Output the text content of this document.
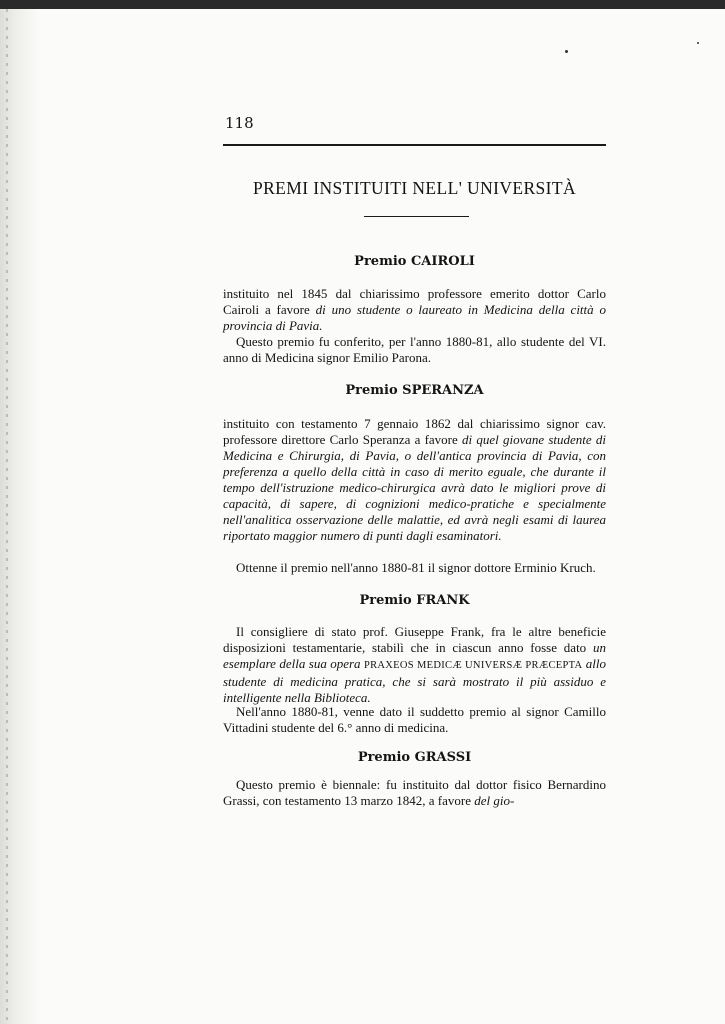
118
PREMI INSTITUITI NELL' UNIVERSITÀ
Premio CAIROLI

instituito nel 1845 dal chiarissimo professore emerito dottor Carlo Cairoli a favore di uno studente o laureato in Medicina della città o provincia di Pavia.

Questo premio fu conferito, per l'anno 1880-81, allo studente del VI. anno di Medicina signor Emilio Parona.

Premio SPERANZA

instituito con testamento 7 gennaio 1862 dal chiarissimo signor cav. professore direttore Carlo Speranza a favore di quel giovane studente di Medicina e Chirurgia, di Pavia, o dell'antica provincia di Pavia, con preferenza a quello della città in caso di merito eguale, che durante il tempo dell'istruzione medico-chirurgica avrà dato le migliori prove di capacità, di sapere, di cognizioni medico-pratiche e specialmente nell'analitica osservazione delle malattie, ed avrà negli esami di laurea riportato maggior numero di punti dagli esaminatori.

Ottenne il premio nell'anno 1880-81 il signor dottore Erminio Kruch.

Premio FRANK

Il consigliere di stato prof. Giuseppe Frank, fra le altre beneficie disposizioni testamentarie, stabilì che in ciascun anno fosse dato un esemplare della sua opera PRAXEOS MEDICÆ UNIVERSÆ PRÆCEPTA allo studente di medicina pratica, che si sarà mostrato il più assiduo e intelligente nella Biblioteca.

Nell'anno 1880-81, venne dato il suddetto premio al signor Camillo Vittadini studente del 6.° anno di medicina.

Premio GRASSI

Questo premio è biennale: fu instituito dal dottor fisico Bernardino Grassi, con testamento 13 marzo 1842, a favore del gio-
